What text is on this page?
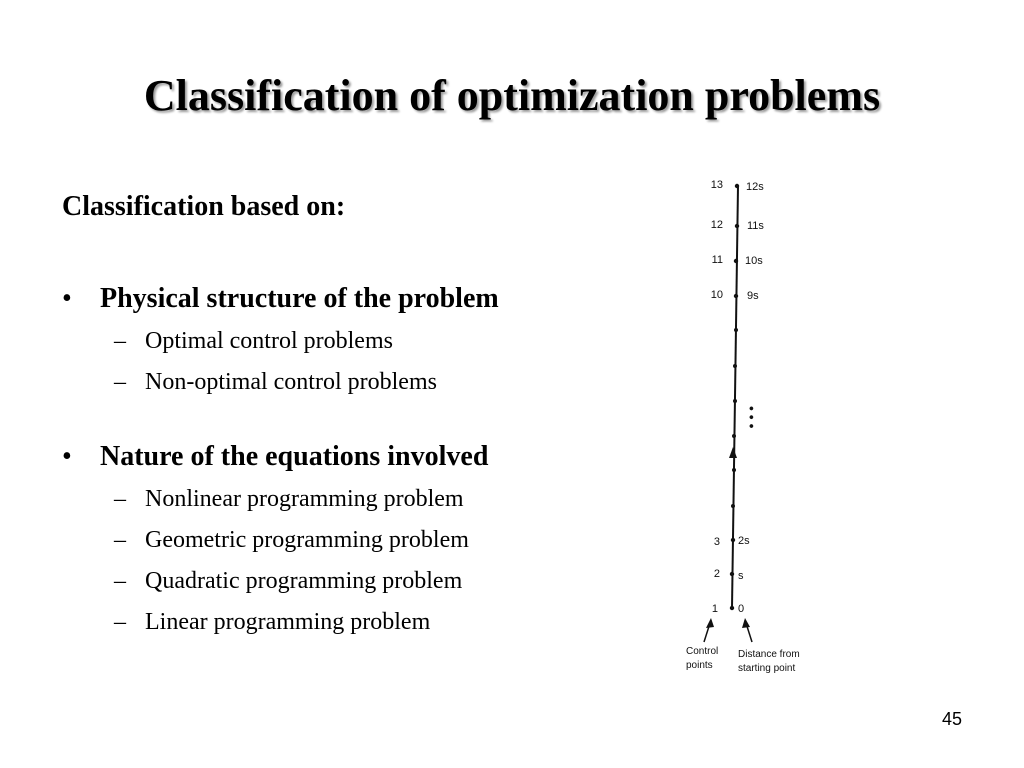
Classification of optimization problems
Classification based on:
• Physical structure of the problem
– Optimal control problems
– Non-optimal control problems
• Nature of the equations involved
– Nonlinear programming problem
– Geometric programming problem
– Quadratic programming problem
– Linear programming problem
13 12s
12 11s
11 10s
10 9s
• • •
3 2s
2 s
1 0
Control
points
Distance from
starting point
45
